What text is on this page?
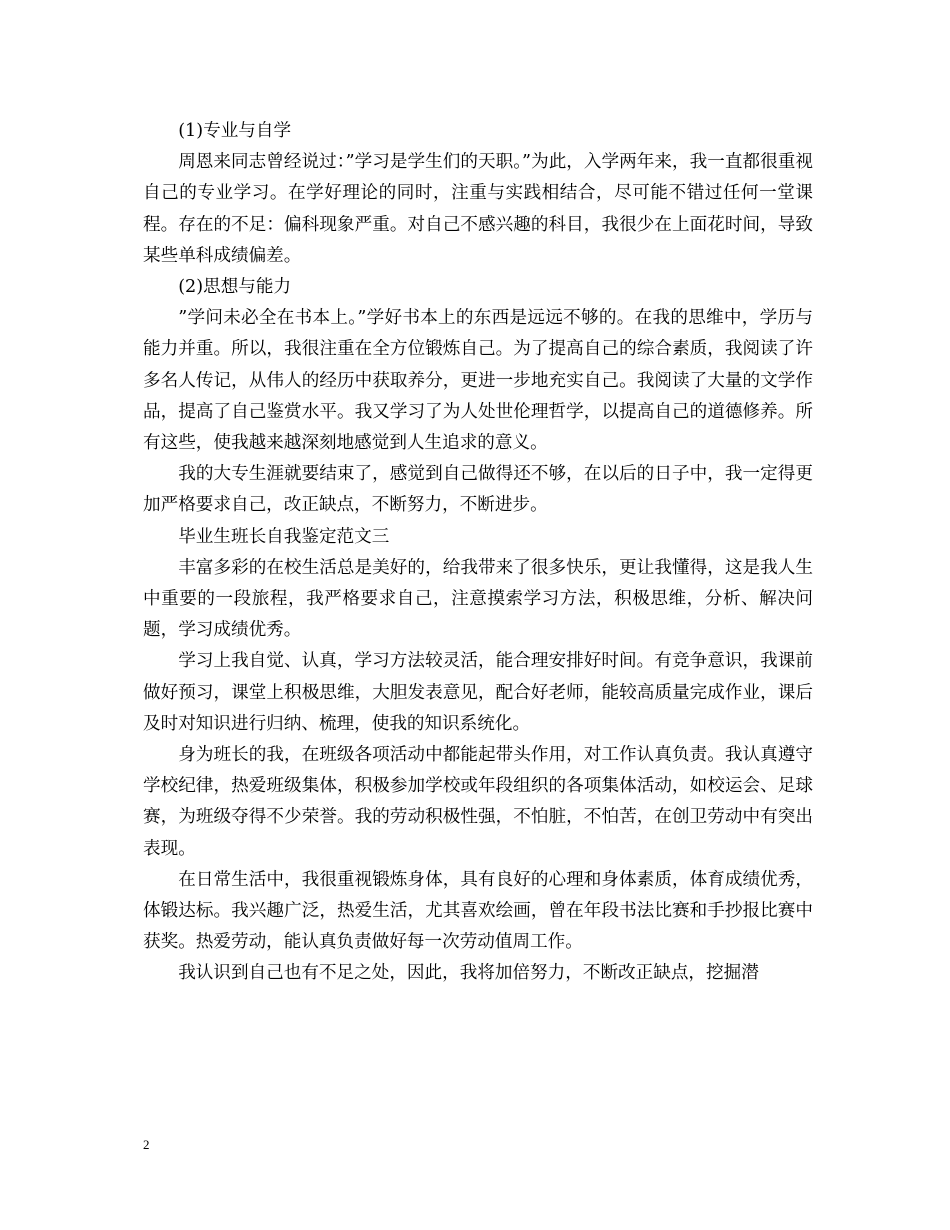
(1)专业与自学

周恩来同志曾经说过：”学习是学生们的天职。”为此，入学两年来，我一直都很重视自己的专业学习。在学好理论的同时，注重与实践相结合，尽可能不错过任何一堂课程。存在的不足：偏科现象严重。对自己不感兴趣的科目，我很少在上面花时间，导致某些单科成绩偏差。

(2)思想与能力

”学问未必全在书本上。”学好书本上的东西是远远不够的。在我的思维中，学历与能力并重。所以，我很注重在全方位锻炼自己。为了提高自己的综合素质，我阅读了许多名人传记，从伟人的经历中获取养分，更进一步地充实自己。我阅读了大量的文学作品，提高了自己鉴赏水平。我又学习了为人处世伦理哲学，以提高自己的道德修养。所有这些，使我越来越深刻地感觉到人生追求的意义。

我的大专生涯就要结束了，感觉到自己做得还不够，在以后的日子中，我一定得更加严格要求自己，改正缺点，不断努力，不断进步。

毕业生班长自我鉴定范文三

丰富多彩的在校生活总是美好的，给我带来了很多快乐，更让我懂得，这是我人生中重要的一段旅程，我严格要求自己，注意摸索学习方法，积极思维，分析、解决问题，学习成绩优秀。

学习上我自觉、认真，学习方法较灵活，能合理安排好时间。有竞争意识，我课前做好预习，课堂上积极思维，大胆发表意见，配合好老师，能较高质量完成作业，课后及时对知识进行归纳、梳理，使我的知识系统化。

身为班长的我，在班级各项活动中都能起带头作用，对工作认真负责。我认真遵守学校纪律，热爱班级集体，积极参加学校或年段组织的各项集体活动，如校运会、足球赛，为班级夺得不少荣誉。我的劳动积极性强，不怕脏，不怕苦，在创卫劳动中有突出表现。

在日常生活中，我很重视锻炼身体，具有良好的心理和身体素质，体育成绩优秀，体锻达标。我兴趣广泛，热爱生活，尤其喜欢绘画，曾在年段书法比赛和手抄报比赛中获奖。热爱劳动，能认真负责做好每一次劳动值周工作。

我认识到自己也有不足之处，因此，我将加倍努力，不断改正缺点，挖掘潜

2
